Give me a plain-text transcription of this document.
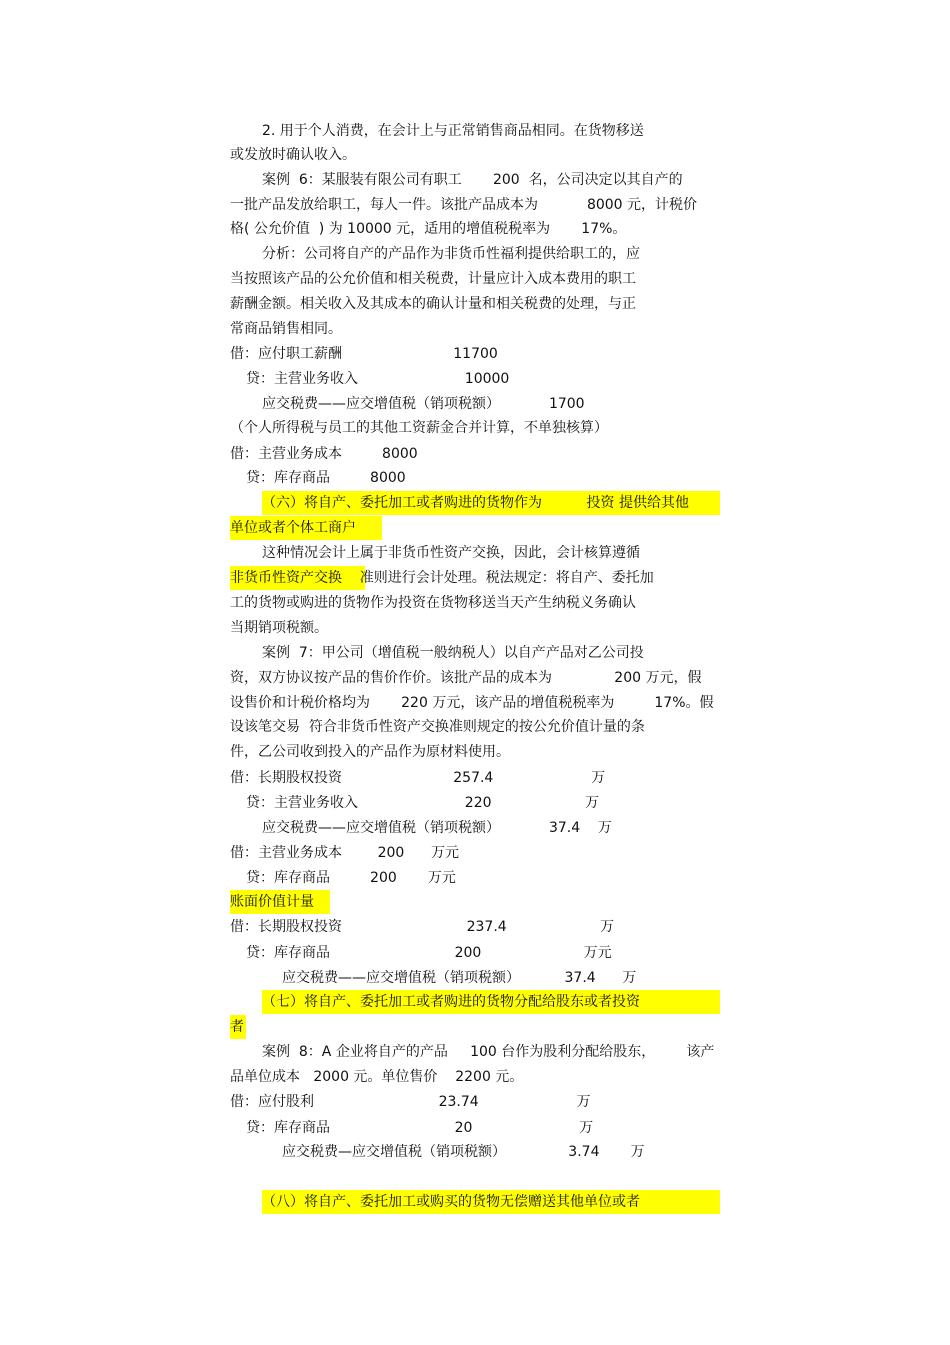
2. 用于个人消费，在会计上与正常销售商品相同。在货物移送
或发放时确认收入。
案例  6：某服装有限公司有职工       200  名，公司决定以其自产的
一批产品发放给职工，每人一件。该批产品成本为           8000 元，计税价
格( 公允价值  ) 为 10000 元，适用的增值税税率为       17%。
分析：公司将自产的产品作为非货币性福利提供给职工的，应
当按照该产品的公允价值和相关税费，计量应计入成本费用的职工
薪酬金额。相关收入及其成本的确认计量和相关税费的处理，与正
常商品销售相同。
借：应付职工薪酬                         11700
贷：主营业务收入                        10000
应交税费——应交增值税（销项税额）           1700
（个人所得税与员工的其他工资薪金合并计算，不单独核算）
借：主营业务成本         8000
贷：库存商品         8000
（六）将自产、委托加工或者购进的货物作为          投资 提供给其他
单位或者个体工商户
这种情况会计上属于非货币性资产交换，因此，会计核算遵循
非货币性资产交换    准则进行会计处理。税法规定：将自产、委托加
工的货物或购进的货物作为投资在货物移送当天产生纳税义务确认
当期销项税额。
案例  7：甲公司（增值税一般纳税人）以自产产品对乙公司投
资，双方协议按产品的售价作价。该批产品的成本为              200 万元，假
设售价和计税价格均为       220 万元，该产品的增值税税率为         17%。假
设该笔交易  符合非货币性资产交换准则规定的按公允价值计量的条
件，乙公司收到投入的产品作为原材料使用。
借：长期股权投资                         257.4                      万
贷：主营业务收入                        220                     万
应交税费——应交增值税（销项税额）           37.4    万
借：主营业务成本        200      万元
贷：库存商品         200       万元
账面价值计量
借：长期股权投资                            237.4                     万
贷：库存商品                            200                       万元
应交税费——应交增值税（销项税额）          37.4      万
（七）将自产、委托加工或者购进的货物分配给股东或者投资
者
案例  8：A 企业将自产的产品     100 台作为股利分配给股东，       该产
品单位成本   2000 元。单位售价    2200 元。
借：应付股利                            23.74                      万
贷：库存商品                            20                        万
应交税费—应交增值税（销项税额）              3.74       万
（八）将自产、委托加工或购买的货物无偿赠送其他单位或者
